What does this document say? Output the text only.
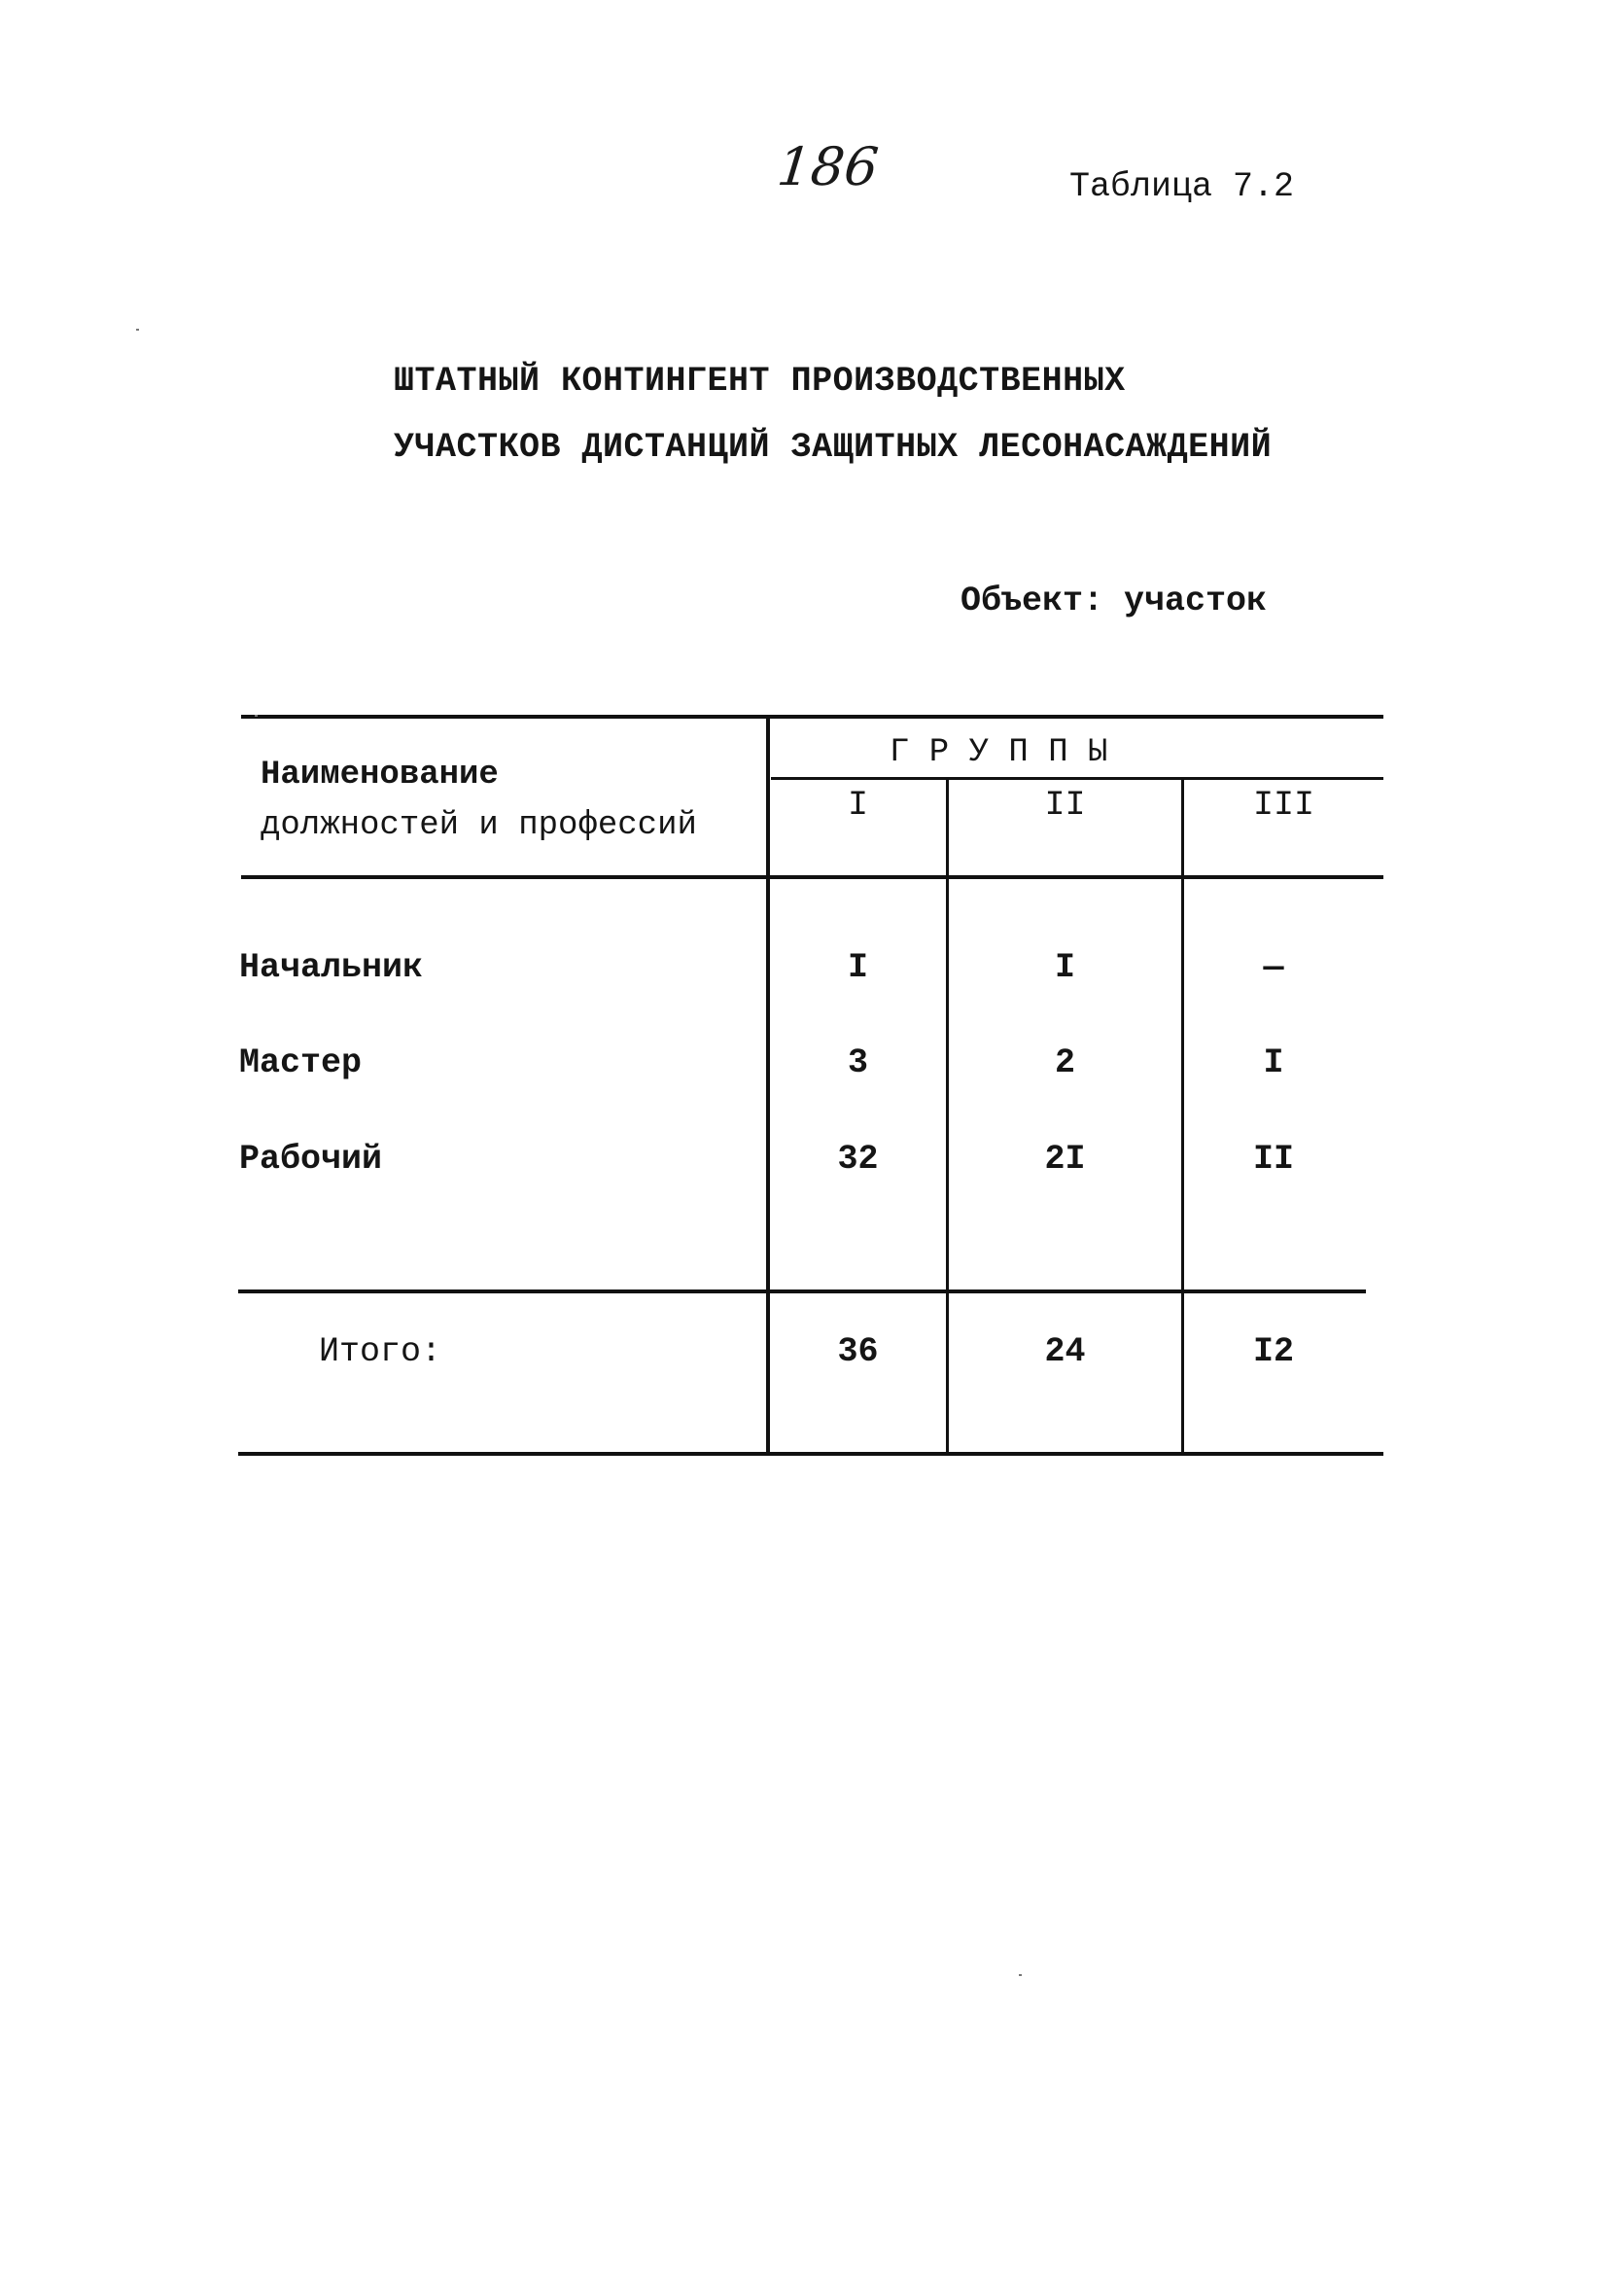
186	Таблица 7.2
ШТАТНЫЙ КОНТИНГЕНТ ПРОИЗВОДСТВЕННЫХ
УЧАСТКОВ ДИСТАНЦИЙ ЗАЩИТНЫХ ЛЕСОНАСАЖДЕНИЙ
Объект: участок
Наименование
должностей и профессий
Г Р У П П Ы
I	II	III
Начальник	I	I	—
Мастер	3	2	I
Рабочий	32	2I	II
Итого:	36	24	I2
